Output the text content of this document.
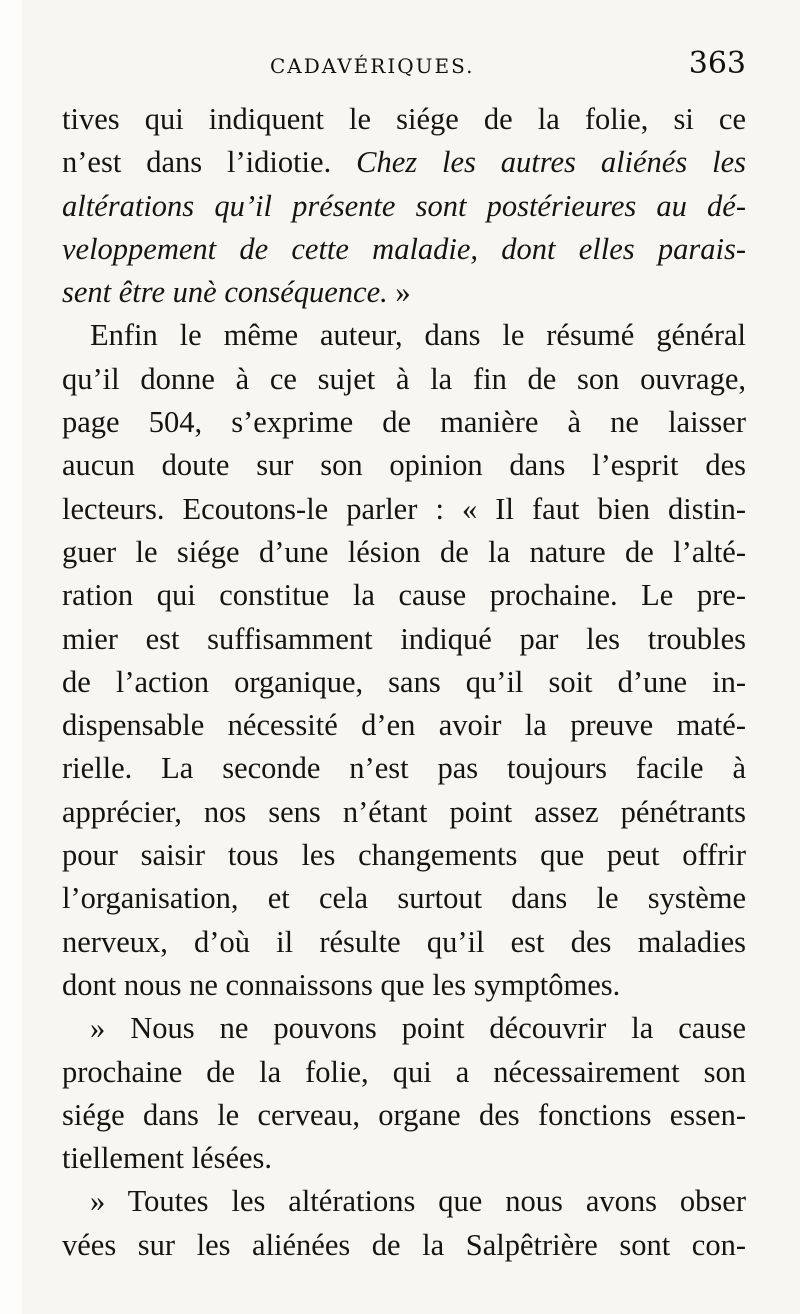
CADAVÉRIQUES.	363
tives qui indiquent le siége de la folie, si ce
n’est dans l’idiotie. Chez les autres aliénés les
altérations qu’il présente sont postérieures au dé-
veloppement de cette maladie, dont elles parais-
sent être unè conséquence. »
Enfin le même auteur, dans le résumé général
qu’il donne à ce sujet à la fin de son ouvrage,
page 504, s’exprime de manière à ne laisser
aucun doute sur son opinion dans l’esprit des
lecteurs. Ecoutons-le parler : « Il faut bien distin-
guer le siége d’une lésion de la nature de l’alté-
ration qui constitue la cause prochaine. Le pre-
mier est suffisamment indiqué par les troubles
de l’action organique, sans qu’il soit d’une in-
dispensable nécessité d’en avoir la preuve maté-
rielle. La seconde n’est pas toujours facile à
apprécier, nos sens n’étant point assez pénétrants
pour saisir tous les changements que peut offrir
l’organisation, et cela surtout dans le système
nerveux, d’où il résulte qu’il est des maladies
dont nous ne connaissons que les symptômes.
» Nous ne pouvons point découvrir la cause
prochaine de la folie, qui a nécessairement son
siége dans le cerveau, organe des fonctions essen-
tiellement lésées.
» Toutes les altérations que nous avons obser
vées sur les aliénées de la Salpêtrière sont con-
